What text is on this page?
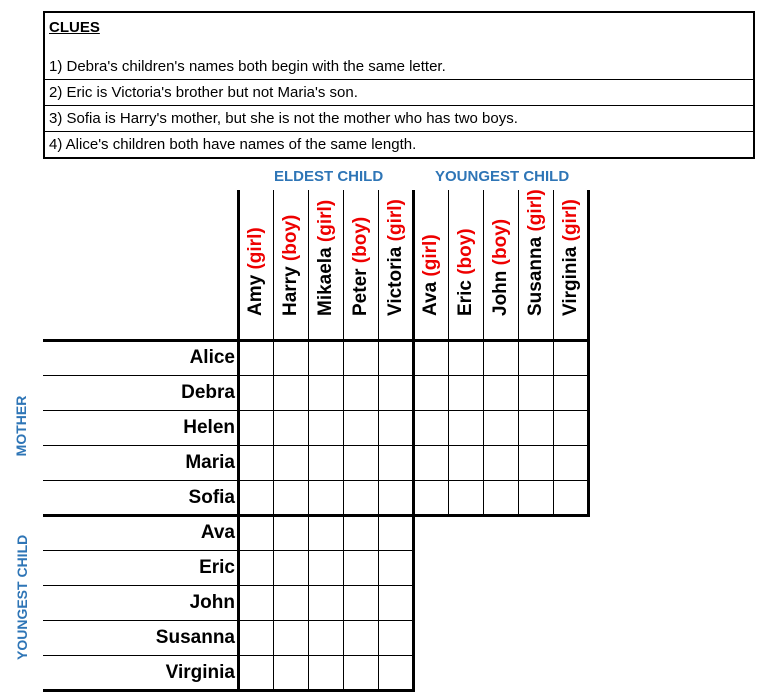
CLUES
1) Debra's children's names both begin with the same letter.
2) Eric is Victoria's brother but not Maria's son.
3) Sofia is Harry's mother, but she is not the mother who has two boys.
4) Alice's children both have names of the same length.
ELDEST CHILD	YOUNGEST CHILD
MOTHER
YOUNGEST CHILD
Amy (girl)
Harry (boy)
Mikaela (girl)
Peter (boy)
Victoria (girl)
Ava (girl)
Eric (boy)
John (boy) Susanna (girl)
Virginia (girl)
Alice
Debra
Helen
Maria
Sofia
Ava
Eric
John
Susanna
Virginia
